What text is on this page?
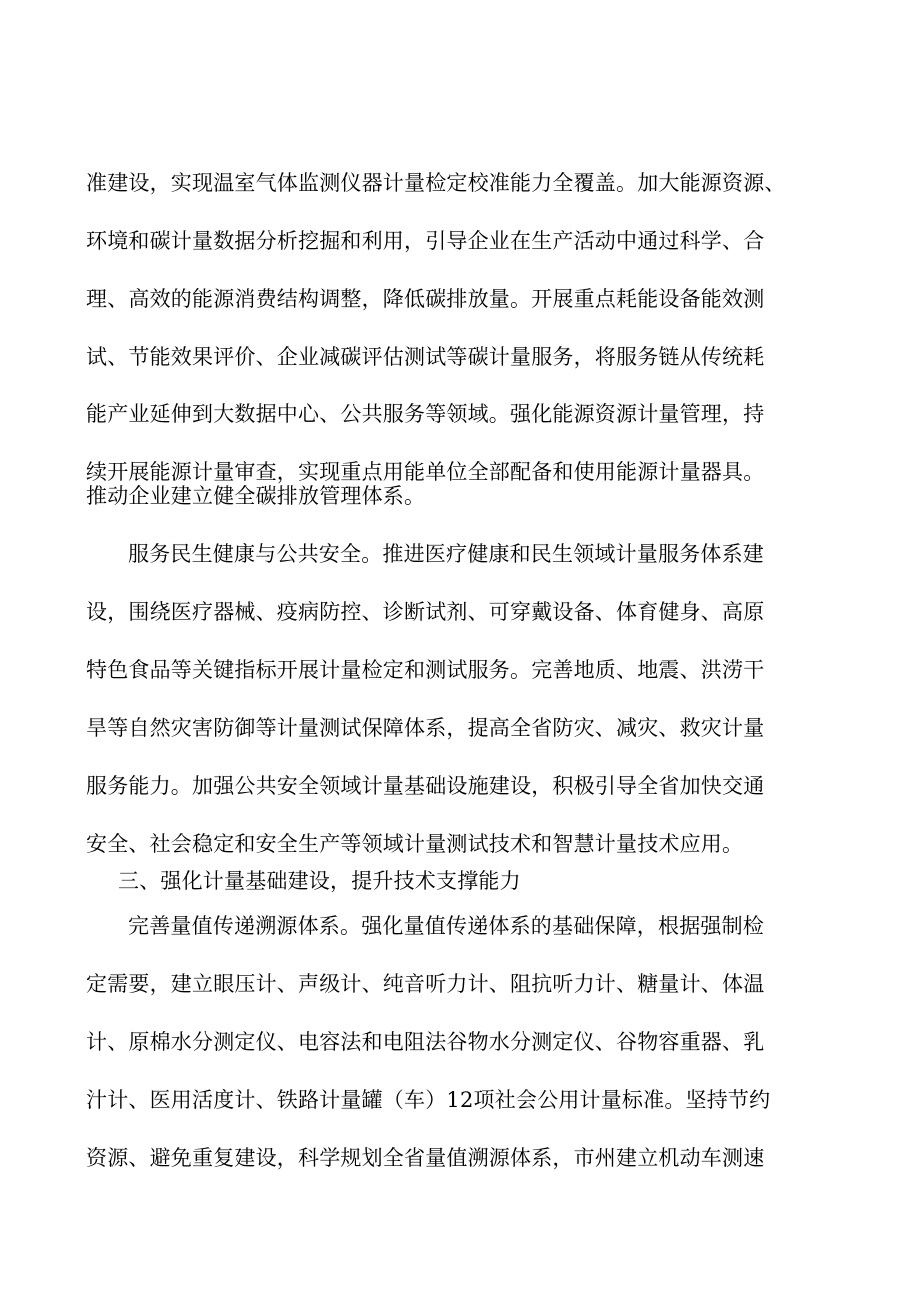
准建设，实现温室气体监测仪器计量检定校准能力全覆盖。加大能源资源、
环境和碳计量数据分析挖掘和利用，引导企业在生产活动中通过科学、合
理、高效的能源消费结构调整，降低碳排放量。开展重点耗能设备能效测
试、节能效果评价、企业减碳评估测试等碳计量服务，将服务链从传统耗
能产业延伸到大数据中心、公共服务等领域。强化能源资源计量管理，持
续开展能源计量审查，实现重点用能单位全部配备和使用能源计量器具。
推动企业建立健全碳排放管理体系。
服务民生健康与公共安全。推进医疗健康和民生领域计量服务体系建
设，围绕医疗器械、疫病防控、诊断试剂、可穿戴设备、体育健身、高原
特色食品等关键指标开展计量检定和测试服务。完善地质、地震、洪涝干
旱等自然灾害防御等计量测试保障体系，提高全省防灾、减灾、救灾计量
服务能力。加强公共安全领域计量基础设施建设，积极引导全省加快交通
安全、社会稳定和安全生产等领域计量测试技术和智慧计量技术应用。
三、强化计量基础建设，提升技术支撑能力
完善量值传递溯源体系。强化量值传递体系的基础保障，根据强制检
定需要，建立眼压计、声级计、纯音听力计、阻抗听力计、糖量计、体温
计、原棉水分测定仪、电容法和电阻法谷物水分测定仪、谷物容重器、乳
汁计、医用活度计、铁路计量罐（车）12项社会公用计量标准。坚持节约
资源、避免重复建设，科学规划全省量值溯源体系，市州建立机动车测速
